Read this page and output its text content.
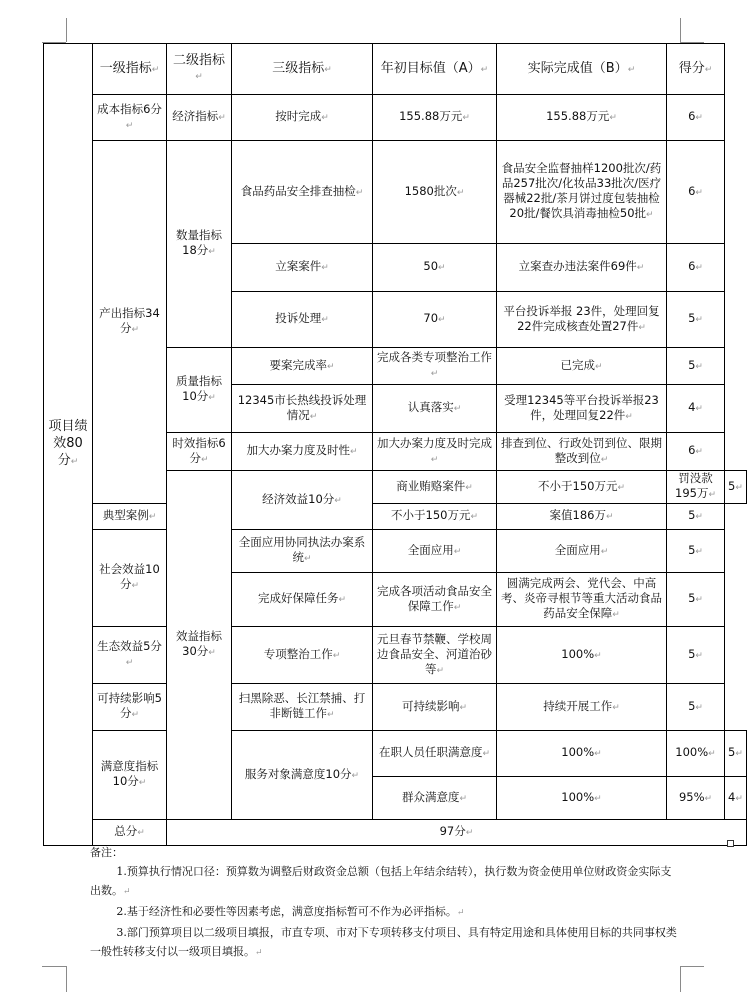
项目绩效80分↵	一级指标↵	二级指标↵	三级指标↵	年初目标值（A）↵	实际完成值（B）↵	得分↵	
	成本指标6分↵	经济指标↵	按时完成↵	155.88万元↵	155.88万元↵	6↵	
	产出指标34分↵	数量指标18分↵	食品药品安全排查抽检↵	1580批次↵	食品安全监督抽样1200批次/药品257批次/化妆品33批次/医疗器械22批/茶月饼过度包装抽检20批/餐饮具消毒抽检50批↵	6↵	
			立案案件↵	50↵	立案查办违法案件69件↵	6↵	
			投诉处理↵	70↵	平台投诉举报 23件，处理回复22件完成核查处置27件↵	5↵	
		质量指标10分↵	要案完成率↵	完成各类专项整治工作↵	已完成↵	5↵	
			12345市长热线投诉处理情况↵	认真落实↵	受理12345等平台投诉举报23件，处理回复22件↵	4↵	
		时效指标6分↵	加大办案力度及时性↵	加大办案力度及时完成↵	排查到位、行政处罚到位、限期整改到位↵	6↵	
		效益指标30分↵	经济效益10分↵	商业贿赂案件↵	不小于150万元↵	罚没款195万↵	5↵
	典型案例↵			不小于150万元↵	案值186万↵	5↵	
	社会效益10分↵		全面应用协同执法办案系统↵	全面应用↵	全面应用↵	5↵	
			完成好保障任务↵	完成各项活动食品安全保障工作↵	圆满完成两会、党代会、中高考、炎帝寻根节等重大活动食品药品安全保障↵	5↵	
	生态效益5分↵		专项整治工作↵	元旦春节禁鞭、学校周边食品安全、河道治砂等↵	100%↵	5↵	
	可持续影响5分↵		扫黑除恶、长江禁捕、打非断链工作↵	可持续影响↵	持续开展工作↵	5↵	
	满意度指标10分↵		服务对象满意度10分↵	在职人员任职满意度↵	100%↵	100%↵	5↵
				群众满意度↵	100%↵	95%↵	4↵
	总分↵	97分↵					

备注：

1.预算执行情况口径：预算数为调整后财政资金总额（包括上年结余结转），执行数为资金使用单位财政资金实际支出数。↵

2.基于经济性和必要性等因素考虑，满意度指标暂可不作为必评指标。↵

3.部门预算项目以二级项目填报，市直专项、市对下专项转移支付项目、具有特定用途和具体使用目标的共同事权类一般性转移支付以一级项目填报。↵
